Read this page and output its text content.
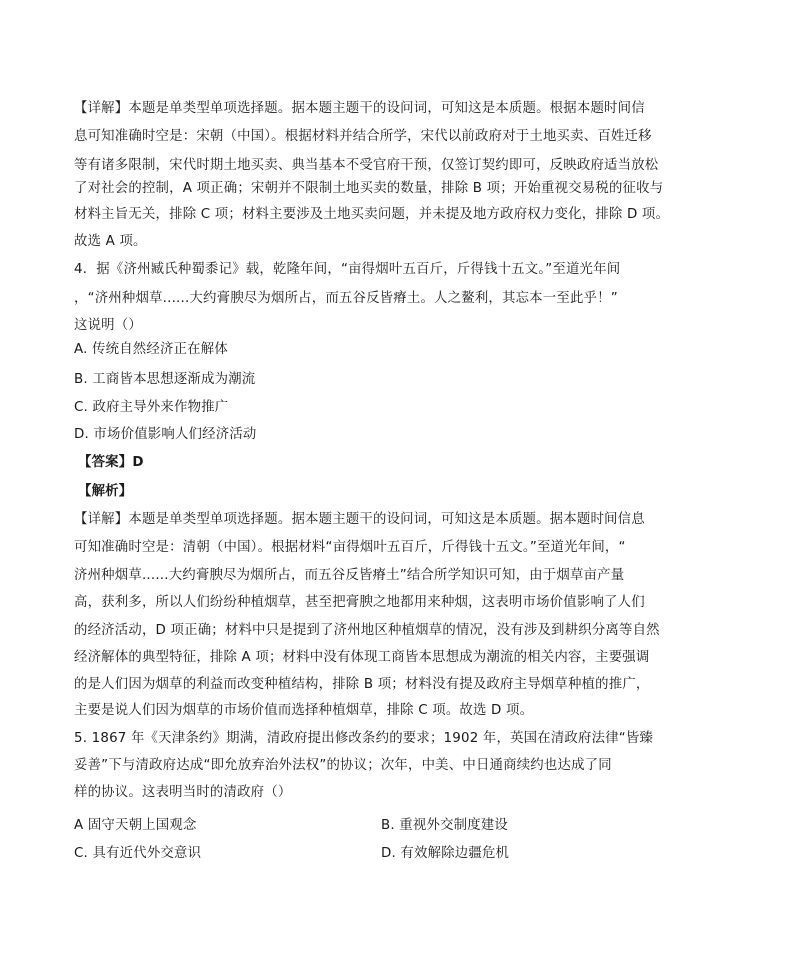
【详解】本题是单类型单项选择题。据本题主题干的设问词，可知这是本质题。根据本题时间信
息可知准确时空是：宋朝（中国）。根据材料并结合所学，宋代以前政府对于土地买卖、百姓迁移
等有诸多限制，宋代时期土地买卖、典当基本不受官府干预，仅签订契约即可，反映政府适当放松
了对社会的控制，A 项正确；宋朝并不限制土地买卖的数量，排除 B 项；开始重视交易税的征收与
材料主旨无关，排除 C 项；材料主要涉及土地买卖问题，并未提及地方政府权力变化，排除 D 项。
故选 A 项。
4．据《济州臧氏种蜀黍记》载，乾隆年间，“亩得烟叶五百斤，斤得钱十五文。”至道光年间
，“济州种烟草......大约膏腴尽为烟所占，而五谷反皆瘠土。人之鳌利，其忘本一至此乎！”
这说明（）
A. 传统自然经济正在解体
B. 工商皆本思想逐渐成为潮流
C. 政府主导外来作物推广
D. 市场价值影响人们经济活动
【答案】D
【解析】
【详解】本题是单类型单项选择题。据本题主题干的设问词，可知这是本质题。据本题时间信息
可知准确时空是：清朝（中国）。根据材料“亩得烟叶五百斤，斤得钱十五文。”至道光年间，“
济州种烟草......大约膏腴尽为烟所占，而五谷反皆瘠土”结合所学知识可知，由于烟草亩产量
高，获利多，所以人们纷纷种植烟草，甚至把膏腴之地都用来种烟，这表明市场价值影响了人们
的经济活动，D 项正确；材料中只是提到了济州地区种植烟草的情况，没有涉及到耕织分离等自然
经济解体的典型特征，排除 A 项；材料中没有体现工商皆本思想成为潮流的相关内容，主要强调
的是人们因为烟草的利益而改变种植结构，排除 B 项；材料没有提及政府主导烟草种植的推广，
主要是说人们因为烟草的市场价值而选择种植烟草，排除 C 项。故选 D 项。
5. 1867 年《天津条约》期满，清政府提出修改条约的要求；1902 年，英国在清政府法律“皆臻
妥善”下与清政府达成“即允放弃治外法权”的协议；次年，中美、中日通商续约也达成了同
样的协议。这表明当时的清政府（）
A 固守天朝上国观念	B. 重视外交制度建设
C. 具有近代外交意识	D. 有效解除边疆危机
